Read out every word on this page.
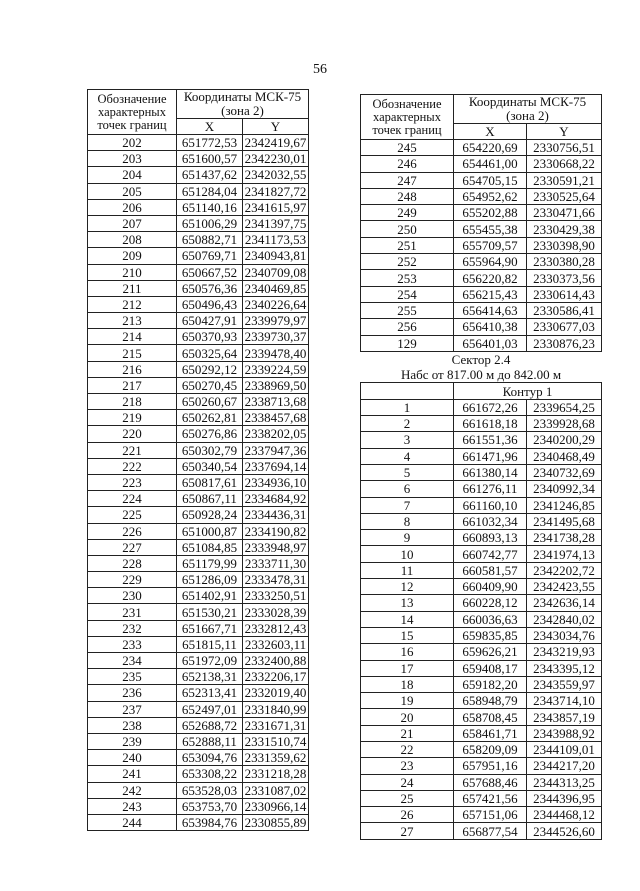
56
Обозначение характерных точек границ	Координаты МСК-75 (зона 2)	
	X	Y
202	651772,53	2342419,67
203	651600,57	2342230,01
204	651437,62	2342032,55
205	651284,04	2341827,72
206	651140,16	2341615,97
207	651006,29	2341397,75
208	650882,71	2341173,53
209	650769,71	2340943,81
210	650667,52	2340709,08
211	650576,36	2340469,85
212	650496,43	2340226,64
213	650427,91	2339979,97
214	650370,93	2339730,37
215	650325,64	2339478,40
216	650292,12	2339224,59
217	650270,45	2338969,50
218	650260,67	2338713,68
219	650262,81	2338457,68
220	650276,86	2338202,05
221	650302,79	2337947,36
222	650340,54	2337694,14
223	650817,61	2334936,10
224	650867,11	2334684,92
225	650928,24	2334436,31
226	651000,87	2334190,82
227	651084,85	2333948,97
228	651179,99	2333711,30
229	651286,09	2333478,31
230	651402,91	2333250,51
231	651530,21	2333028,39
232	651667,71	2332812,43
233	651815,11	2332603,11
234	651972,09	2332400,88
235	652138,31	2332206,17
236	652313,41	2332019,40
237	652497,01	2331840,99
238	652688,72	2331671,31
239	652888,11	2331510,74
240	653094,76	2331359,62
241	653308,22	2331218,28
242	653528,03	2331087,02
243	653753,70	2330966,14
244	653984,76	2330855,89
Обозначение характерных точек границ	Координаты МСК-75 (зона 2)	
	X	Y
245	654220,69	2330756,51
246	654461,00	2330668,22
247	654705,15	2330591,21
248	654952,62	2330525,64
249	655202,88	2330471,66
250	655455,38	2330429,38
251	655709,57	2330398,90
252	655964,90	2330380,28
253	656220,82	2330373,56
254	656215,43	2330614,43
255	656414,63	2330586,41
256	656410,38	2330677,03
129	656401,03	2330876,23
Сектор 2.4		
Набс от 817.00 м до 842.00 м		
	Контур 1	
1	661672,26	2339654,25
2	661618,18	2339928,68
3	661551,36	2340200,29
4	661471,96	2340468,49
5	661380,14	2340732,69
6	661276,11	2340992,34
7	661160,10	2341246,85
8	661032,34	2341495,68
9	660893,13	2341738,28
10	660742,77	2341974,13
11	660581,57	2342202,72
12	660409,90	2342423,55
13	660228,12	2342636,14
14	660036,63	2342840,02
15	659835,85	2343034,76
16	659626,21	2343219,93
17	659408,17	2343395,12
18	659182,20	2343559,97
19	658948,79	2343714,10
20	658708,45	2343857,19
21	658461,71	2343988,92
22	658209,09	2344109,01
23	657951,16	2344217,20
24	657688,46	2344313,25
25	657421,56	2344396,95
26	657151,06	2344468,12
27	656877,54	2344526,60
